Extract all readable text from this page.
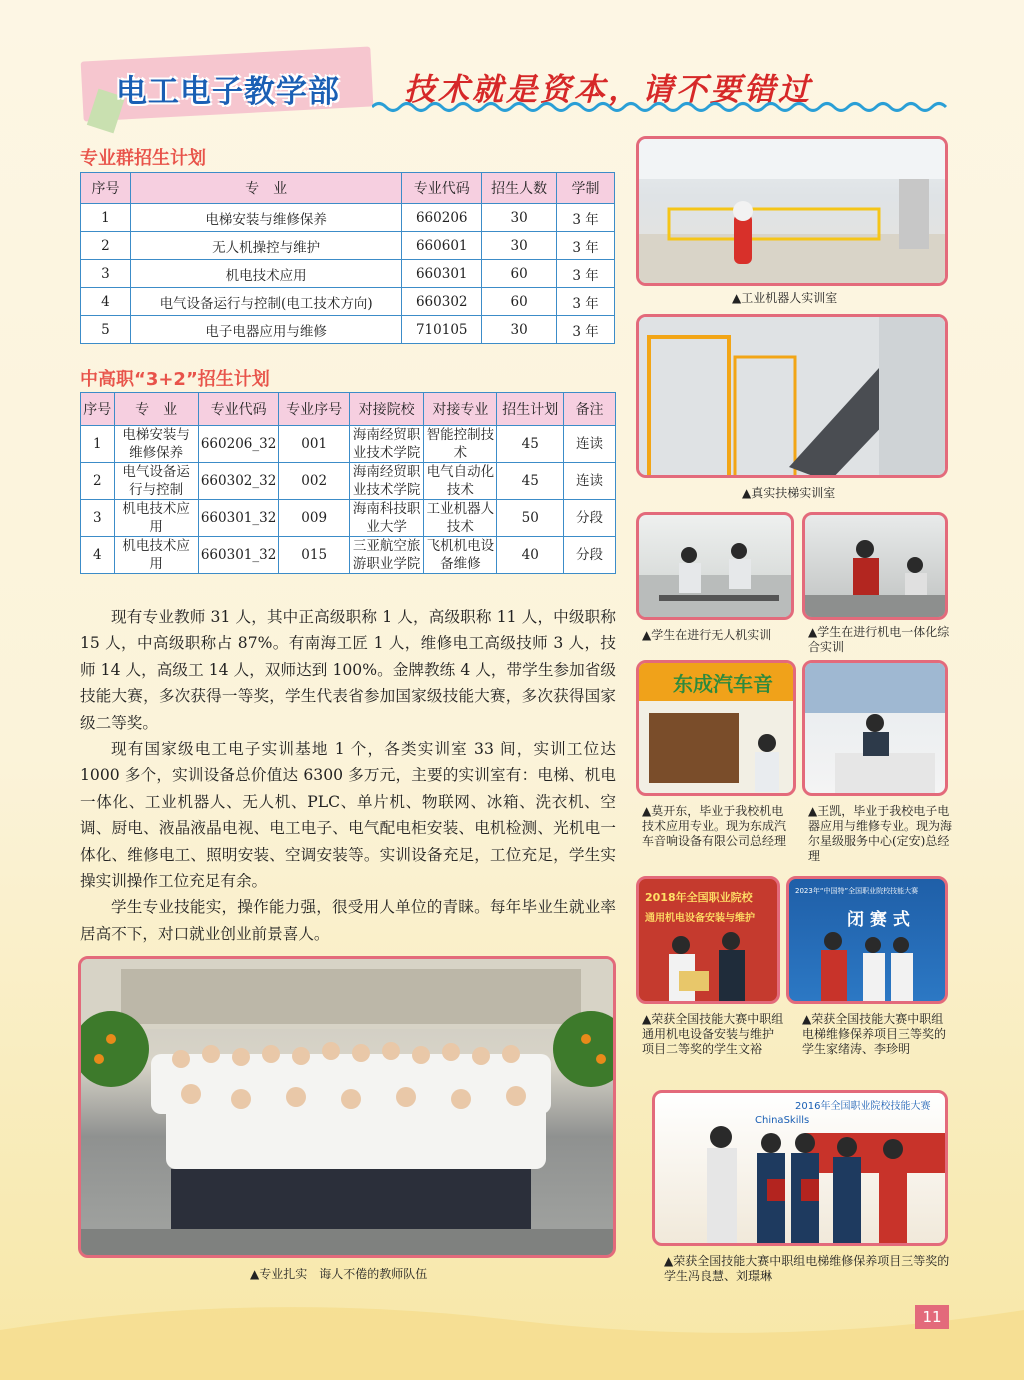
电工电子教学部 技术就是资本，请不要错过
专业群招生计划
序号	专　业	专业代码	招生人数	学制
1	电梯安装与维修保养	660206	30	3 年
2	无人机操控与维护	660601	30	3 年
3	机电技术应用	660301	60	3 年
4	电气设备运行与控制(电工技术方向)	660302	60	3 年
5	电子电器应用与维修	710105	30	3 年
中高职“3+2”招生计划
序号	专　业	专业代码	专业序号	对接院校	对接专业	招生计划	备注
1	电梯安装与维修保养	660206_32	001	海南经贸职业技术学院	智能控制技术	45	连读
2	电气设备运行与控制	660302_32	002	海南经贸职业技术学院	电气自动化技术	45	连读
3	机电技术应用	660301_32	009	海南科技职业大学	工业机器人技术	50	分段
4	机电技术应用	660301_32	015	三亚航空旅游职业学院	飞机机电设备维修	40	分段

现有专业教师 31 人，其中正高级职称 1 人，高级职称 11 人，中级职称 15 人，中高级职称占 87%。有南海工匠 1 人，维修电工高级技师 3 人，技师 14 人，高级工 14 人，双师达到 100%。金牌教练 4 人，带学生参加省级技能大赛，多次获得一等奖，学生代表省参加国家级技能大赛，多次获得国家级二等奖。

现有国家级电工电子实训基地 1 个，各类实训室 33 间，实训工位达 1000 多个，实训设备总价值达 6300 多万元，主要的实训室有：电梯、机电一体化、工业机器人、无人机、PLC、单片机、物联网、冰箱、洗衣机、空调、厨电、液晶液晶电视、电工电子、电气配电柜安装、电机检测、光机电一体化、维修电工、照明安装、空调安装等。实训设备充足，工位充足，学生实操实训操作工位充足有余。

学生专业技能实，操作能力强，很受用人单位的青睐。每年毕业生就业率居高不下，对口就业创业前景喜人。

▲专业扎实　诲人不倦的教师队伍
▲工业机器人实训室
▲真实扶梯实训室
▲学生在进行无人机实训	▲学生在进行机电一体化综合实训
东成汽车音
▲莫开东，毕业于我校机电技术应用专业。现为东成汽车音响设备有限公司总经理
▲王凯，毕业于我校电子电器应用与维修专业。现为海尔星级服务中心(定安)总经理
2018年全国职业院校
通用机电设备安装与维护
▲荣获全国技能大赛中职组通用机电设备安装与维护项目二等奖的学生文裕
2023年“中国特”全国职业院校技能大赛
闭 赛 式
▲荣获全国技能大赛中职组电梯维修保养项目三等奖的学生家绪涛、李珍明
2016年全国职业院校技能大赛
ChinaSkills
▲荣获全国技能大赛中职组电梯维修保养项目三等奖的学生冯良慧、刘璟琳
11
